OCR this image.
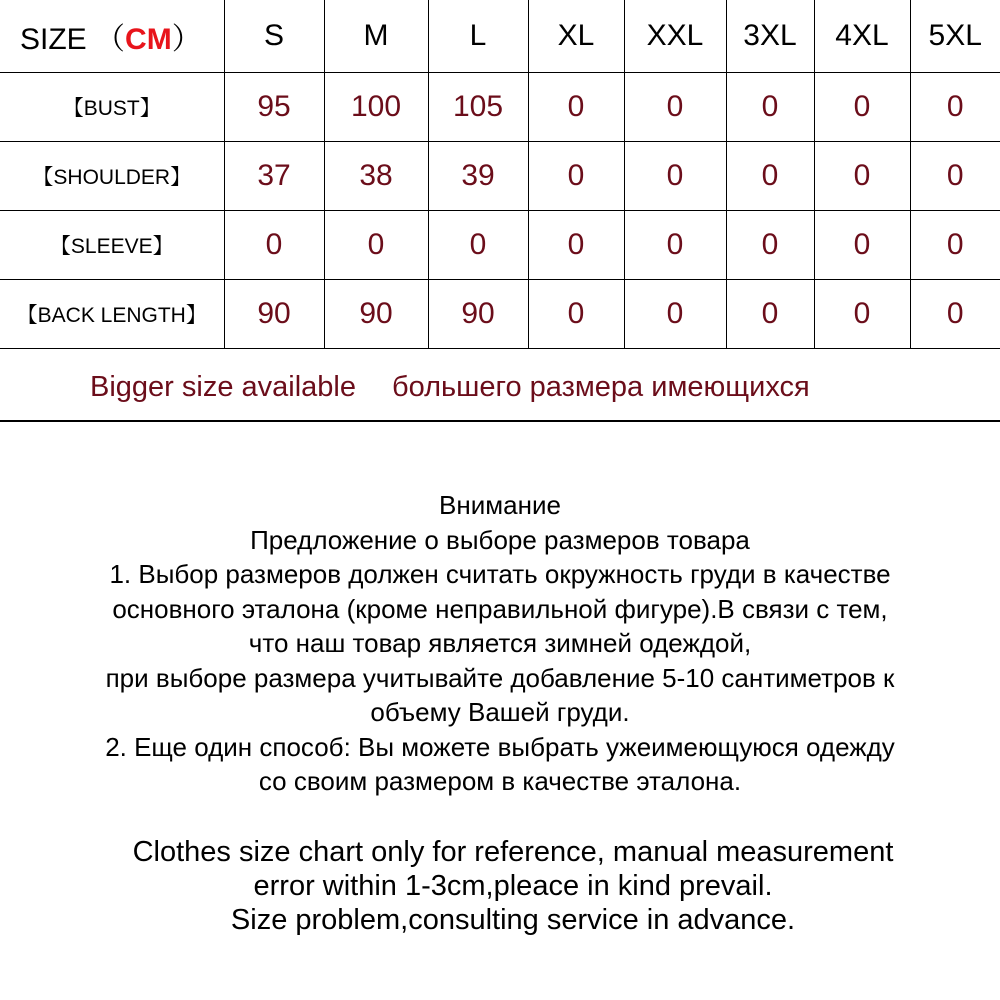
SIZE （CM）	S	M	L	XL	XXL	3XL	4XL	5XL
【BUST】	95	100	105	0	0	0	0	0
【SHOULDER】	37	38	39	0	0	0	0	0
【SLEEVE】	0	0	0	0	0	0	0	0
【BACK LENGTH】	90	90	90	0	0	0	0	0
Bigger size available большего размера имеющихся
Внимание
Предложение о выборе размеров товара
1. Выбор размеров должен считать окружность груди в качестве
основного эталона (кроме неправильной фигуре).В связи с тем,
что наш товар является зимней одеждой,
при выборе размера учитывайте добавление 5-10 сантиметров к
объему Вашей груди.
2. Еще один способ: Вы можете выбрать ужеимеющуюся одежду
со своим размером в качестве эталона.
Clothes size chart only for reference, manual measurement
error within 1-3cm,pleace in kind prevail.
Size problem,consulting service in advance.
